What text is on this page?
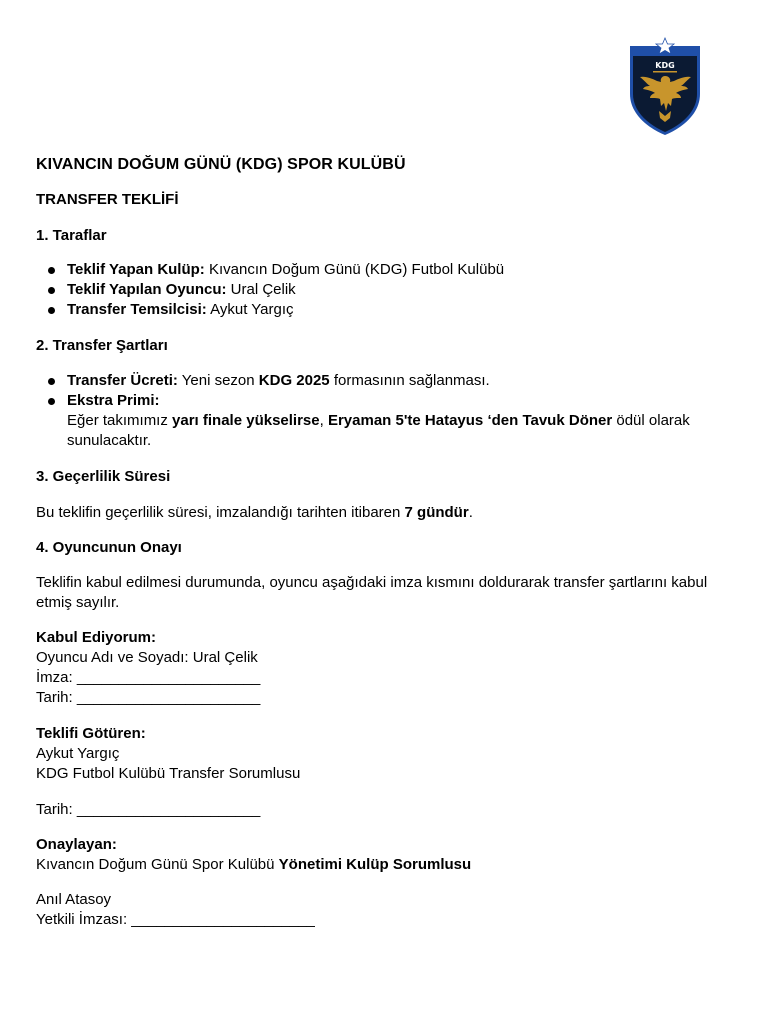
KDG
KIVANCIN DOĞUM GÜNÜ (KDG) SPOR KULÜBÜ
TRANSFER TEKLİFİ
1. Taraflar
Teklif Yapan Kulüp: Kıvancın Doğum Günü (KDG) Futbol Kulübü
Teklif Yapılan Oyuncu: Ural Çelik
Transfer Temsilcisi: Aykut Yargıç
2. Transfer Şartları
Transfer Ücreti: Yeni sezon KDG 2025 formasının sağlanması.
Ekstra Primi:
Eğer takımımız yarı finale yükselirse, Eryaman 5'te Hatayus ‘den Tavuk Döner ödül olarak sunulacaktır.
3. Geçerlilik Süresi

Bu teklifin geçerlilik süresi, imzalandığı tarihten itibaren 7 gündür.

4. Oyuncunun Onayı

Teklifin kabul edilmesi durumunda, oyuncu aşağıdaki imza kısmını doldurarak transfer şartlarını kabul etmiş sayılır.

Kabul Ediyorum:
Oyuncu Adı ve Soyadı: Ural Çelik
İmza: ______________________
Tarih: ______________________
Teklifi Götüren:
Aykut Yargıç
KDG Futbol Kulübü Transfer Sorumlusu
Tarih: ______________________
Onaylayan:
Kıvancın Doğum Günü Spor Kulübü Yönetimi Kulüp Sorumlusu
Anıl Atasoy
Yetkili İmzası: ______________________
